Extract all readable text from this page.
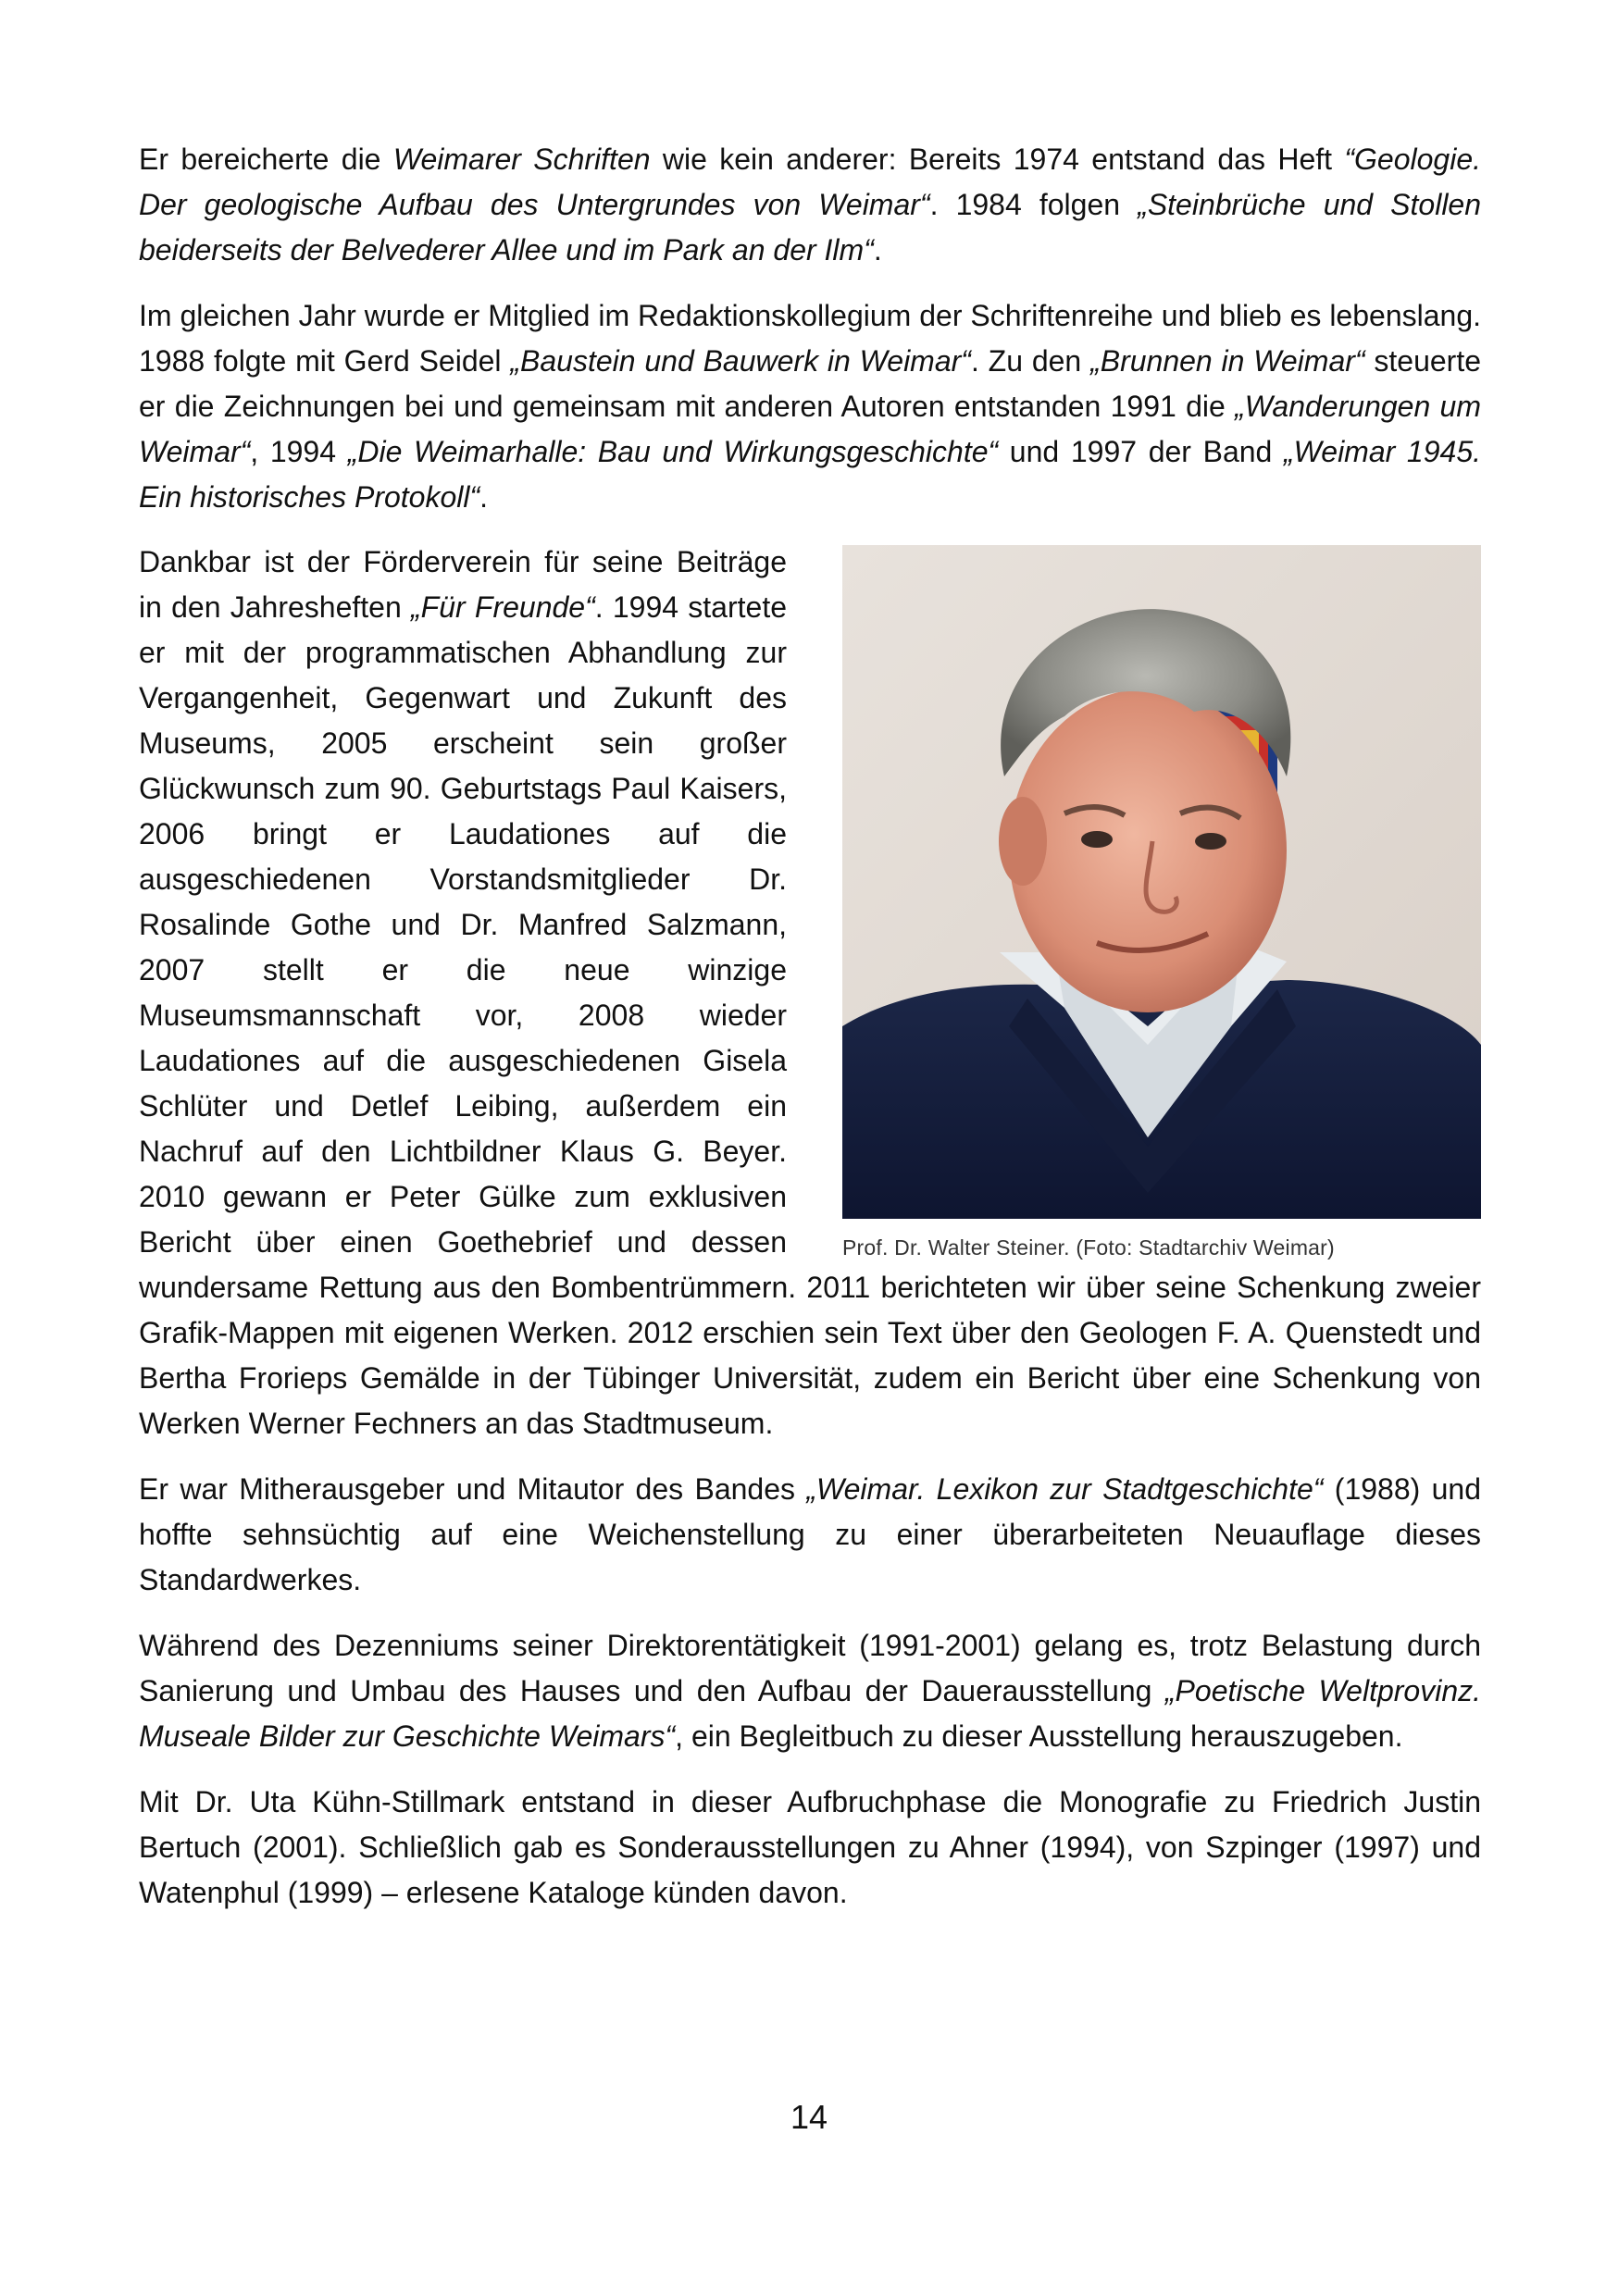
Er bereicherte die Weimarer Schriften wie kein anderer: Bereits 1974 entstand das Heft “Geologie. Der geologische Aufbau des Untergrundes von Weimar“. 1984 folgen „Steinbrüche und Stollen beiderseits der Belvederer Allee und im Park an der Ilm“.

Im gleichen Jahr wurde er Mitglied im Redaktionskollegium der Schriftenreihe und blieb es lebenslang. 1988 folgte mit Gerd Seidel „Baustein und Bauwerk in Weimar“. Zu den „Brunnen in Weimar“ steuerte er die Zeichnungen bei und gemeinsam mit anderen Autoren entstanden 1991 die „Wanderungen um Weimar“, 1994 „Die Weimarhalle: Bau und Wirkungsgeschichte“ und 1997 der Band „Weimar 1945. Ein historisches Protokoll“.

Prof. Dr. Walter Steiner. (Foto: Stadtarchiv Weimar)

Dankbar ist der Förderverein für seine Beiträge in den Jahresheften „Für Freunde“. 1994 startete er mit der programmatischen Abhandlung zur Vergangenheit, Gegenwart und Zukunft des Museums, 2005 erscheint sein großer Glückwunsch zum 90. Geburtstags Paul Kaisers, 2006 bringt er Laudationes auf die ausgeschiedenen Vorstandsmitglieder Dr. Rosalinde Gothe und Dr. Manfred Salzmann, 2007 stellt er die neue winzige Museumsmannschaft vor, 2008 wieder Laudationes auf die ausgeschiedenen Gisela Schlüter und Detlef Leibing, außerdem ein Nachruf auf den Lichtbildner Klaus G. Beyer. 2010 gewann er Peter Gülke zum exklusiven Bericht über einen Goethebrief und dessen wundersame Rettung aus den Bombentrümmern. 2011 berichteten wir über seine Schenkung zweier Grafik-Mappen mit eigenen Werken. 2012 erschien sein Text über den Geologen F. A. Quenstedt und Bertha Frorieps Gemälde in der Tübinger Universität, zudem ein Bericht über eine Schenkung von Werken Werner Fechners an das Stadtmuseum.

Er war Mitherausgeber und Mitautor des Bandes „Weimar. Lexikon zur Stadtgeschichte“ (1988) und hoffte sehnsüchtig auf eine Weichenstellung zu einer überarbeiteten Neuauflage dieses Standardwerkes.

Während des Dezenniums seiner Direktorentätigkeit (1991-2001) gelang es, trotz Belastung durch Sanierung und Umbau des Hauses und den Aufbau der Dauerausstellung „Poetische Weltprovinz. Museale Bilder zur Geschichte Weimars“, ein Begleitbuch zu dieser Ausstellung herauszugeben.

Mit Dr. Uta Kühn-Stillmark entstand in dieser Aufbruchphase die Monografie zu Friedrich Justin Bertuch (2001). Schließlich gab es Sonderausstellungen zu Ahner (1994), von Szpinger (1997) und Watenphul (1999) – erlesene Kataloge künden davon.

14
